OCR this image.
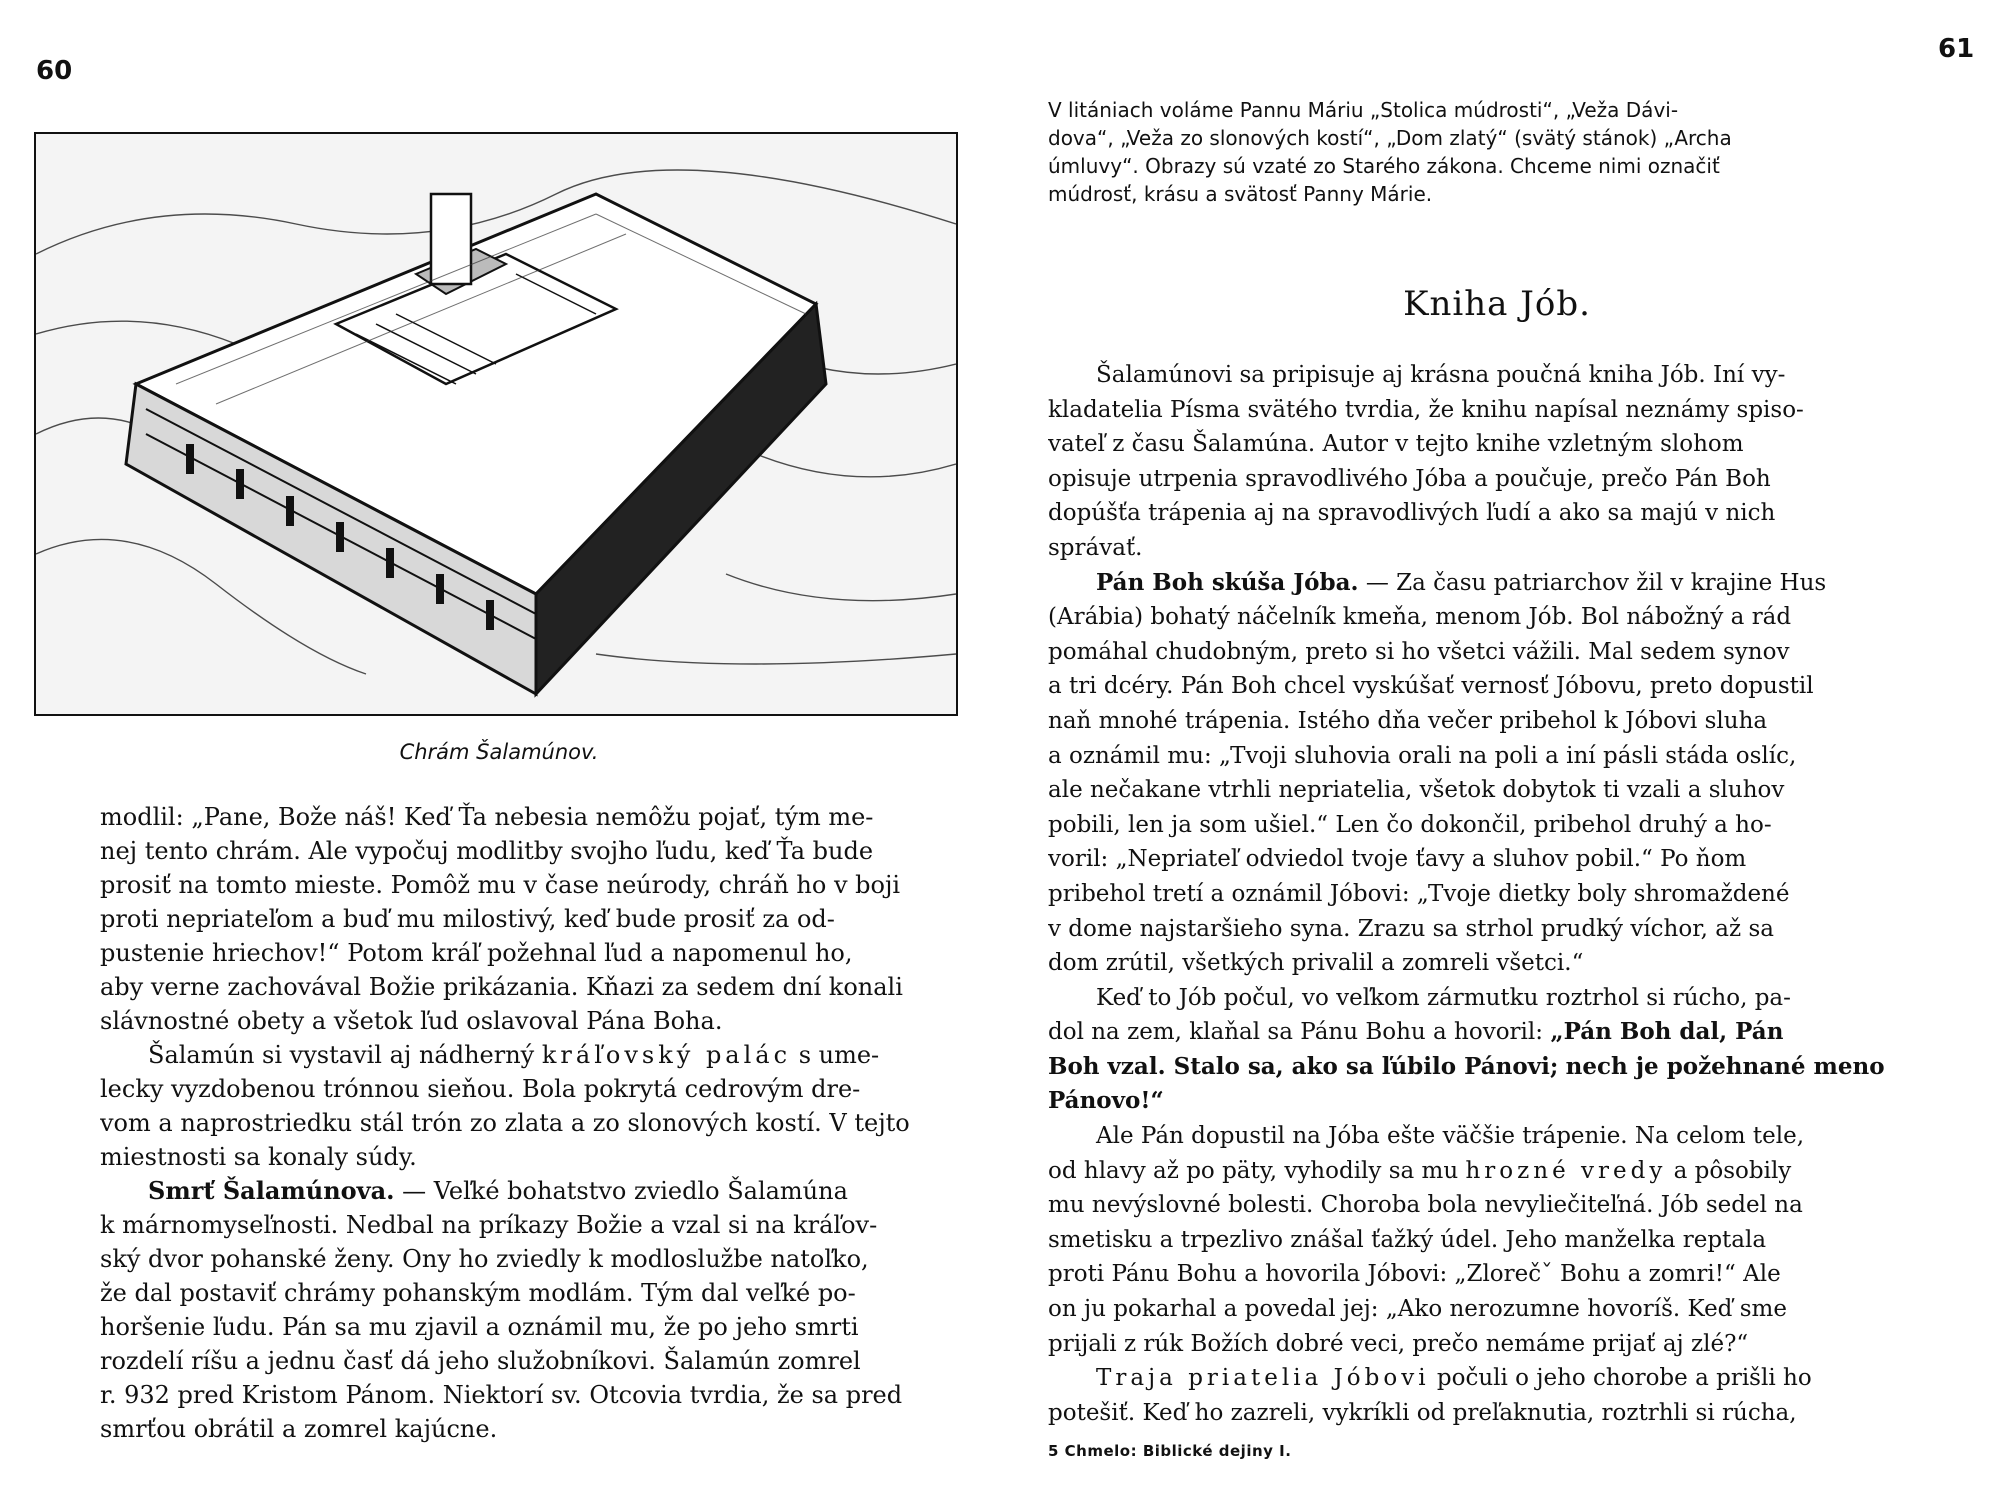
60
Chrám Šalamúnov.
modlil: „Pane, Bože náš! Keď Ťa nebesia nemôžu pojať, tým me-
nej tento chrám. Ale vypočuj modlitby svojho ľudu, keď Ťa bude
prosiť na tomto mieste. Pomôž mu v čase neúrody, chráň ho v boji
proti nepriateľom a buď mu milostivý, keď bude prosiť za od-
pustenie hriechov!“ Potom kráľ požehnal ľud a napomenul ho,
aby verne zachovával Božie prikázania. Kňazi za sedem dní konali
slávnostné obety a všetok ľud oslavoval Pána Boha.
Šalamún si vystavil aj nádherný kráľovský palác s ume-
lecky vyzdobenou trónnou sieňou. Bola pokrytá cedrovým dre-
vom a naprostriedku stál trón zo zlata a zo slonových kostí. V tejto
miestnosti sa konaly súdy.
Smrť Šalamúnova. — Veľké bohatstvo zviedlo Šalamúna
k márnomyseľnosti. Nedbal na príkazy Božie a vzal si na kráľov-
ský dvor pohanské ženy. Ony ho zviedly k modloslužbe natoľko,
že dal postaviť chrámy pohanským modlám. Tým dal veľké po-
horšenie ľudu. Pán sa mu zjavil a oznámil mu, že po jeho smrti
rozdelí ríšu a jednu časť dá jeho služobníkovi. Šalamún zomrel
r. 932 pred Kristom Pánom. Niektorí sv. Otcovia tvrdia, že sa pred
smrťou obrátil a zomrel kajúcne.
61
V litániach voláme Pannu Máriu „Stolica múdrosti“, „Veža Dávi-
dova“, „Veža zo slonových kostí“, „Dom zlatý“ (svätý stánok) „Archa
úmluvy“. Obrazy sú vzaté zo Starého zákona. Chceme nimi označiť
múdrosť, krásu a svätosť Panny Márie.
Kniha Jób.
Šalamúnovi sa pripisuje aj krásna poučná kniha Jób. Iní vy-
kladatelia Písma svätého tvrdia, že knihu napísal neznámy spiso-
vateľ z času Šalamúna. Autor v tejto knihe vzletným slohom
opisuje utrpenia spravodlivého Jóba a poučuje, prečo Pán Boh
dopúšťa trápenia aj na spravodlivých ľudí a ako sa majú v nich
správať.
Pán Boh skúša Jóba. — Za času patriarchov žil v krajine Hus
(Arábia) bohatý náčelník kmeňa, menom Jób. Bol nábožný a rád
pomáhal chudobným, preto si ho všetci vážili. Mal sedem synov
a tri dcéry. Pán Boh chcel vyskúšať vernosť Jóbovu, preto dopustil
naň mnohé trápenia. Istého dňa večer pribehol k Jóbovi sluha
a oznámil mu: „Tvoji sluhovia orali na poli a iní pásli stáda oslíc,
ale nečakane vtrhli nepriatelia, všetok dobytok ti vzali a sluhov
pobili, len ja som ušiel.“ Len čo dokončil, pribehol druhý a ho-
voril: „Nepriateľ odviedol tvoje ťavy a sluhov pobil.“ Po ňom
pribehol tretí a oznámil Jóbovi: „Tvoje dietky boly shromaždené
v dome najstaršieho syna. Zrazu sa strhol prudký víchor, až sa
dom zrútil, všetkých privalil a zomreli všetci.“
Keď to Jób počul, vo veľkom zármutku roztrhol si rúcho, pa-
dol na zem, klaňal sa Pánu Bohu a hovoril: „Pán Boh dal, Pán
Boh vzal. Stalo sa, ako sa ľúbilo Pánovi; nech je požehnané meno
Pánovo!“
Ale Pán dopustil na Jóba ešte väčšie trápenie. Na celom tele,
od hlavy až po päty, vyhodily sa mu hrozné vredy a pôsobily
mu nevýslovné bolesti. Choroba bola nevyliečiteľná. Jób sedel na
smetisku a trpezlivo znášal ťažký údel. Jeho manželka reptala
proti Pánu Bohu a hovorila Jóbovi: „Zlorečˇ Bohu a zomri!“ Ale
on ju pokarhal a povedal jej: „Ako nerozumne hovoríš. Keď sme
prijali z rúk Božích dobré veci, prečo nemáme prijať aj zlé?“
Traja priatelia Jóbovi počuli o jeho chorobe a prišli ho
potešiť. Keď ho zazreli, vykríkli od preľaknutia, roztrhli si rúcha,
5 Chmelo: Biblické dejiny I.
